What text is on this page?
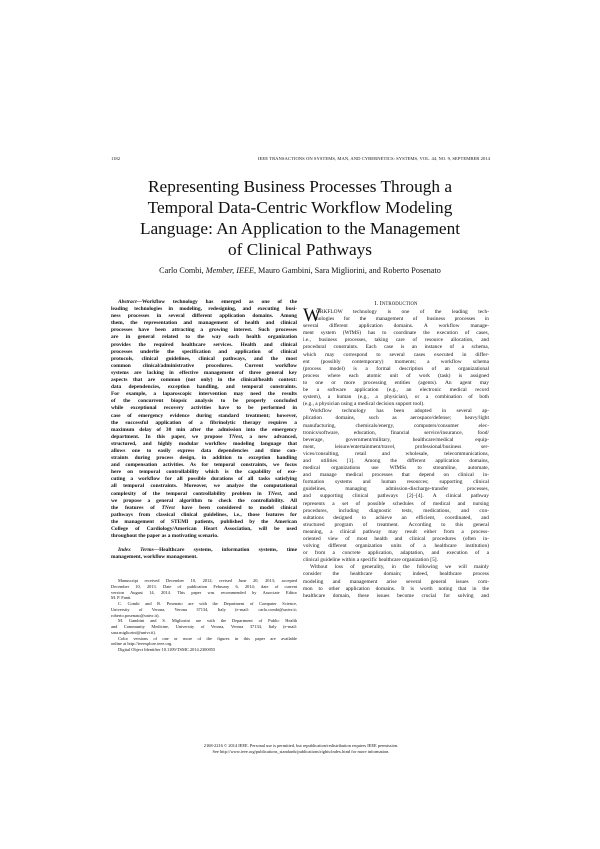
1182	IEEE TRANSACTIONS ON SYSTEMS, MAN, AND CYBERNETICS: SYSTEMS, VOL. 44, NO. 9, SEPTEMBER 2014
Representing Business Processes Through a
Temporal Data-Centric Workflow Modeling
Language: An Application to the Management
of Clinical Pathways
Carlo Combi, Member, IEEE, Mauro Gambini, Sara Migliorini, and Roberto Posenato
Abstract—Workflow technology has emerged as one of the
leading technologies in modeling, redesigning, and executing busi-
ness processes in several different application domains. Among
them, the representation and management of health and clinical
processes have been attracting a growing interest. Such processes
are in general related to the way each health organization
provides the required healthcare services. Health and clinical
processes underlie the specification and application of clinical
protocols, clinical guidelines, clinical pathways, and the most
common clinical/administrative procedures. Current workflow
systems are lacking in effective management of three general key
aspects that are common (not only) in the clinical/health context:
data dependencies, exception handling, and temporal constraints.
For example, a laparoscopic intervention may need the results
of the concurrent biopsic analysis to be properly concluded
while exceptional recovery activities have to be performed in
case of emergency evidence during standard treatment; however,
the successful application of a fibrinolytic therapy requires a
maximum delay of 30 min after the admission into the emergency
department. In this paper, we propose TNest, a new advanced,
structured, and highly modular workflow modeling language that
allows one to easily express data dependencies and time con-
straints during process design, in addition to exception handling
and compensation activities. As for temporal constraints, we focus
here on temporal controllability which is the capability of exe-
cuting a workflow for all possible durations of all tasks satisfying
all temporal constraints. Moreover, we analyze the computational
complexity of the temporal controllability problem in TNest, and
we propose a general algorithm to check the controllability. All
the features of TNest have been considered to model clinical
pathways from classical clinical guidelines, i.e., those features for
the management of STEMI patients, published by the American
College of Cardiology/American Heart Association, will be used
throughout the paper as a motivating scenario.
Index Terms—Healthcare systems, information systems, time
management, workflow management.
Manuscript received December 10, 2012; revised June 20, 2013; accepted
December 10, 2013. Date of publication February 6, 2014; date of current
version August 14, 2014. This paper was recommended by Associate Editor
M. P. Fanti.
C. Combi and R. Posenato are with the Department of Computer Science,
University of Verona, Verona 37134, Italy (e-mail: carlo.combi@univr.it;
roberto.posenato@univr.it).
M. Gambini and S. Migliorini are with the Department of Public Health
and Community Medicine, University of Verona, Verona 37134, Italy (e-mail:
sara.migliorini@univr.it).
Color versions of one or more of the figures in this paper are available
online at http://ieeexplore.ieee.org.
Digital Object Identifier 10.1109/TSMC.2014.2300055
I. INTRODUCTION
W
ORKFLOW technology is one of the leading tech-
nologies for the management of business processes in
several different application domains. A workflow manage-
ment system (WfMS) has to coordinate the execution of cases,
i.e., business processes, taking care of resource allocation, and
procedural constraints. Each case is an instance of a schema,
which may correspond to several cases executed in differ-
ent (possibly contemporary) moments; a workflow schema
(process model) is a formal description of an organizational
process where each atomic unit of work (task) is assigned
to one or more processing entities (agents). An agent may
be a software application (e.g., an electronic medical record
system), a human (e.g., a physician), or a combination of both
(e.g., a physician using a medical decision support tool).
Workflow technology has been adopted in several ap-
plication domains, such as aerospace/defense; heavy/light
manufacturing, chemicals/energy, computers/consumer elec-
tronics/software, education, financial service/insurance, food/
beverage, government/military, healthcare/medical equip-
ment, leisure/entertainment/travel, professional/business ser-
vices/consulting, retail and wholesale, telecommunications,
and utilities [1]. Among the different application domains,
medical organizations use WfMSs to streamline, automate,
and manage medical processes that depend on clinical in-
formation systems and human resources; supporting clinical
guidelines, managing admission-discharge-transfer processes,
and supporting clinical pathways [2]–[4]. A clinical pathway
represents a set of possible schedules of medical and nursing
procedures, including diagnostic tests, medications, and con-
sultations designed to achieve an efficient, coordinated, and
structured program of treatment. According to this general
meaning, a clinical pathway may result either from a process-
oriented view of most health and clinical procedures (often in-
volving different organization units of a healthcare institution)
or from a concrete application, adaptation, and execution of a
clinical guideline within a specific healthcare organization [5].
Without loss of generality, in the following we will mainly
consider the healthcare domain; indeed, healthcare process
modeling and management arise several general issues com-
mon to other application domains. It is worth noting that in the
healthcare domain, these issues become crucial for solving and
2168-2216 © 2014 IEEE. Personal use is permitted, but republication/redistribution requires IEEE permission.
See http://www.ieee.org/publications_standards/publications/rights/index.html for more information.
